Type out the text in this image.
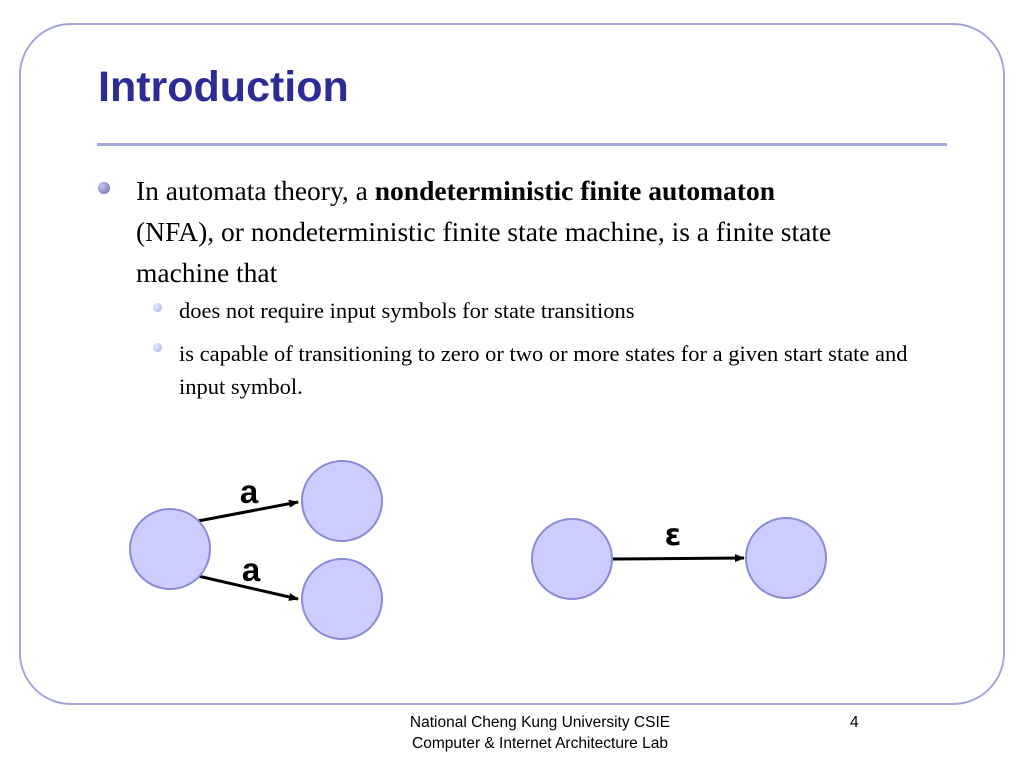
Introduction
In automata theory, a nondeterministic finite automaton (NFA), or nondeterministic finite state machine, is a finite state machine that
does not require input symbols for state transitions
is capable of transitioning to zero or two or more states for a given start state and input symbol.
a
a
ε
National Cheng Kung University CSIE
Computer & Internet Architecture Lab
4
